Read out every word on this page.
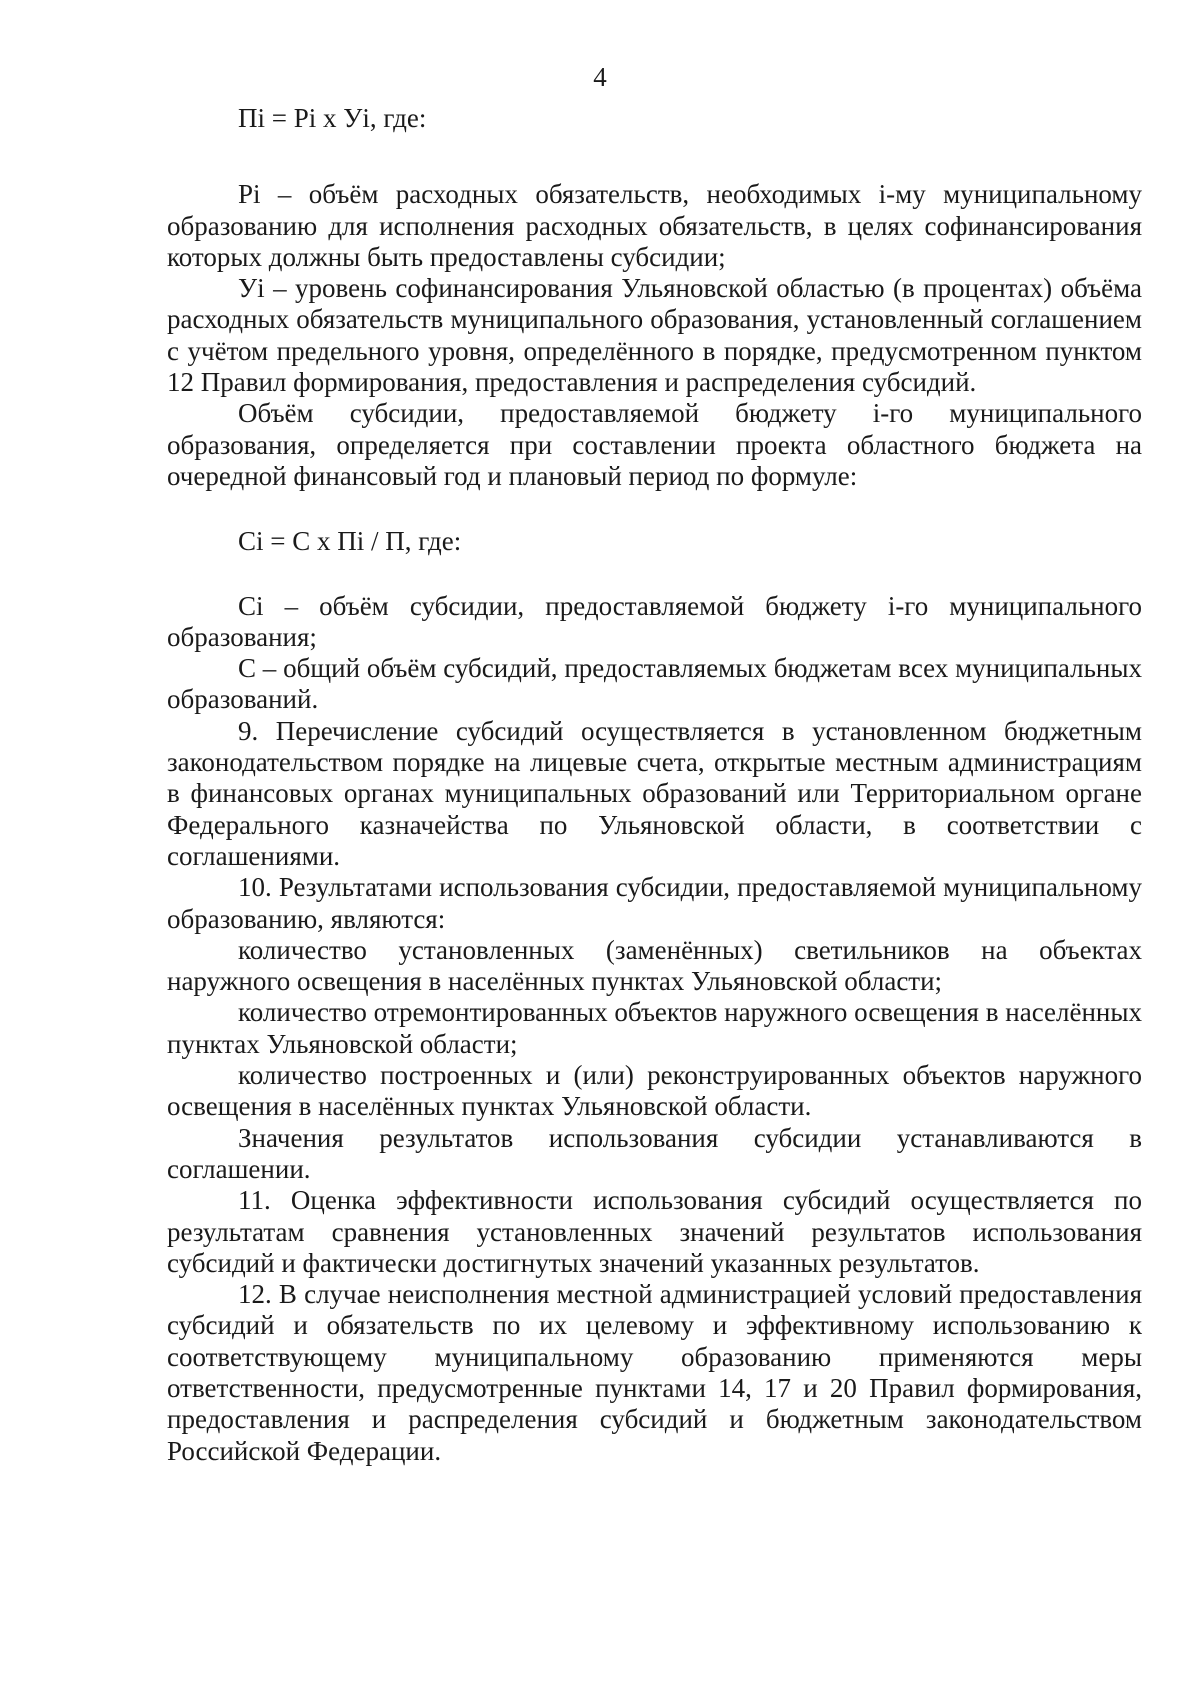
4

Пi = Pi x Уi, где:

Pi – объём расходных обязательств, необходимых i-му муниципальному образованию для исполнения расходных обязательств, в целях софинансирования которых должны быть предоставлены субсидии;

Уi – уровень софинансирования Ульяновской областью (в процентах) объёма расходных обязательств муниципального образования, установленный соглашением с учётом предельного уровня, определённого в порядке, предусмотренном пунктом 12 Правил формирования, предоставления и распределения субсидий.

Объём субсидии, предоставляемой бюджету i-го муниципального образования, определяется при составлении проекта областного бюджета на очередной финансовый год и плановый период по формуле:

Ci = C x Пi / П, где:

Ci – объём субсидии, предоставляемой бюджету i-го муниципального образования;

С – общий объём субсидий, предоставляемых бюджетам всех муниципальных образований.

9. Перечисление субсидий осуществляется в установленном бюджетным законодательством порядке на лицевые счета, открытые местным администрациям в финансовых органах муниципальных образований или Территориальном органе Федерального казначейства по Ульяновской области, в соответствии с соглашениями.

10. Результатами использования субсидии, предоставляемой муниципальному образованию, являются:

количество установленных (заменённых) светильников на объектах наружного освещения в населённых пунктах Ульяновской области;

количество отремонтированных объектов наружного освещения в населённых пунктах Ульяновской области;

количество построенных и (или) реконструированных объектов наружного освещения в населённых пунктах Ульяновской области.

Значения результатов использования субсидии устанавливаются в соглашении.

11. Оценка эффективности использования субсидий осуществляется по результатам сравнения установленных значений результатов использования субсидий и фактически достигнутых значений указанных результатов.

12. В случае неисполнения местной администрацией условий предоставления субсидий и обязательств по их целевому и эффективному использованию к соответствующему муниципальному образованию применяются меры ответственности, предусмотренные пунктами 14, 17 и 20 Правил формирования, предоставления и распределения субсидий и бюджетным законодательством Российской Федерации.
